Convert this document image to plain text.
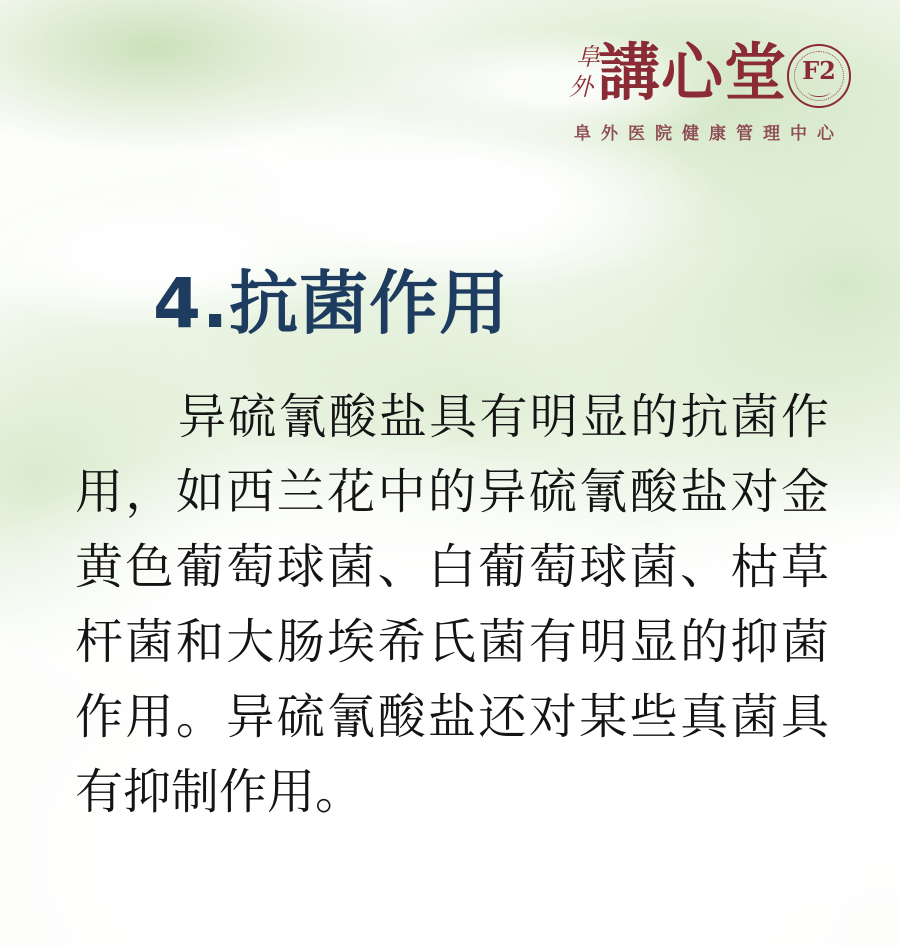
阜
外 講心堂 F2
阜外医院健康管理中心
4.抗菌作用
异硫氰酸盐具有明显的抗菌作
用，如西兰花中的异硫氰酸盐对金
黄色葡萄球菌、白葡萄球菌、枯草
杆菌和大肠埃希氏菌有明显的抑菌
作用。异硫氰酸盐还对某些真菌具
有抑制作用。
